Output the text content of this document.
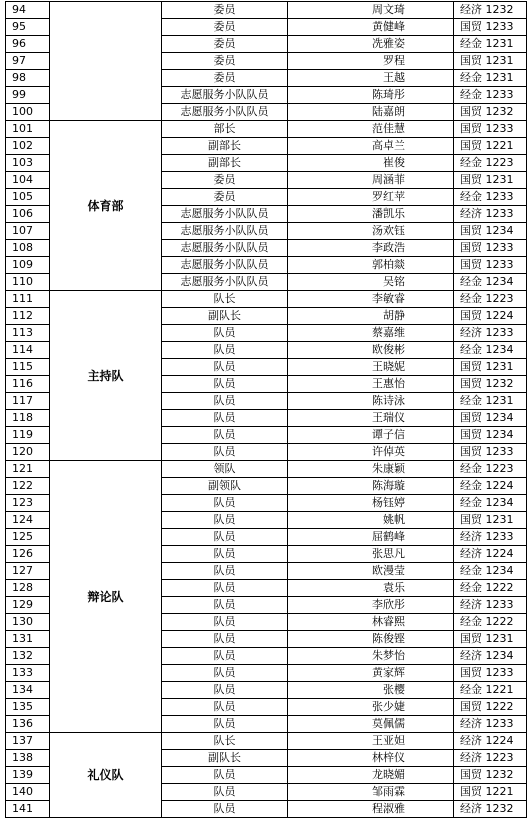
94		委员	周文琦	经济 1232
95		委员	黄健峰	国贸 1233
96		委员	冼雅姿	经金 1231
97		委员	罗程	国贸 1231
98		委员	王越	经金 1231
99		志愿服务小队队员	陈琦彤	经金 1233
100		志愿服务小队队员	陆嘉朗	国贸 1232
101	体育部	部长	范佳慧	国贸 1233
102		副部长	高卓兰	国贸 1221
103		副部长	崔俊	经金 1223
104		委员	周涵菲	国贸 1231
105		委员	罗红苹	经金 1233
106		志愿服务小队队员	潘凯乐	经济 1233
107		志愿服务小队队员	汤欢钰	国贸 1234
108		志愿服务小队队员	李政浩	国贸 1233
109		志愿服务小队队员	郭柏燚	国贸 1233
110		志愿服务小队队员	吴铭	经金 1234
111	主持队	队长	李敏睿	经金 1223
112		副队长	胡静	国贸 1224
113		队员	蔡嘉维	经济 1233
114		队员	欧俊彬	经金 1234
115		队员	王晓妮	国贸 1231
116		队员	王惠怡	国贸 1232
117		队员	陈诗泳	经金 1231
118		队员	王瑞仪	国贸 1234
119		队员	谭子信	国贸 1234
120		队员	许倬英	国贸 1233
121	辩论队	领队	朱康颖	经金 1223
122		副领队	陈海璇	经金 1224
123		队员	杨钰婷	经金 1234
124		队员	姚帆	国贸 1231
125		队员	屈鹤峰	经济 1233
126		队员	张思凡	经济 1224
127		队员	欧漫莹	经金 1234
128		队员	袁乐	经金 1222
129		队员	李欣彤	经济 1233
130		队员	林睿熙	经金 1222
131		队员	陈俊铿	国贸 1231
132		队员	朱梦怡	经济 1234
133		队员	黄家辉	国贸 1233
134		队员	张樱	经金 1221
135		队员	张少婕	国贸 1222
136		队员	莫佩儒	经济 1233
137	礼仪队	队长	王亚妲	经济 1224
138		副队长	林梓仪	经济 1223
139		队员	龙晓媚	国贸 1232
140		队员	邹雨霖	国贸 1221
141		队员	程淑雅	经济 1232
